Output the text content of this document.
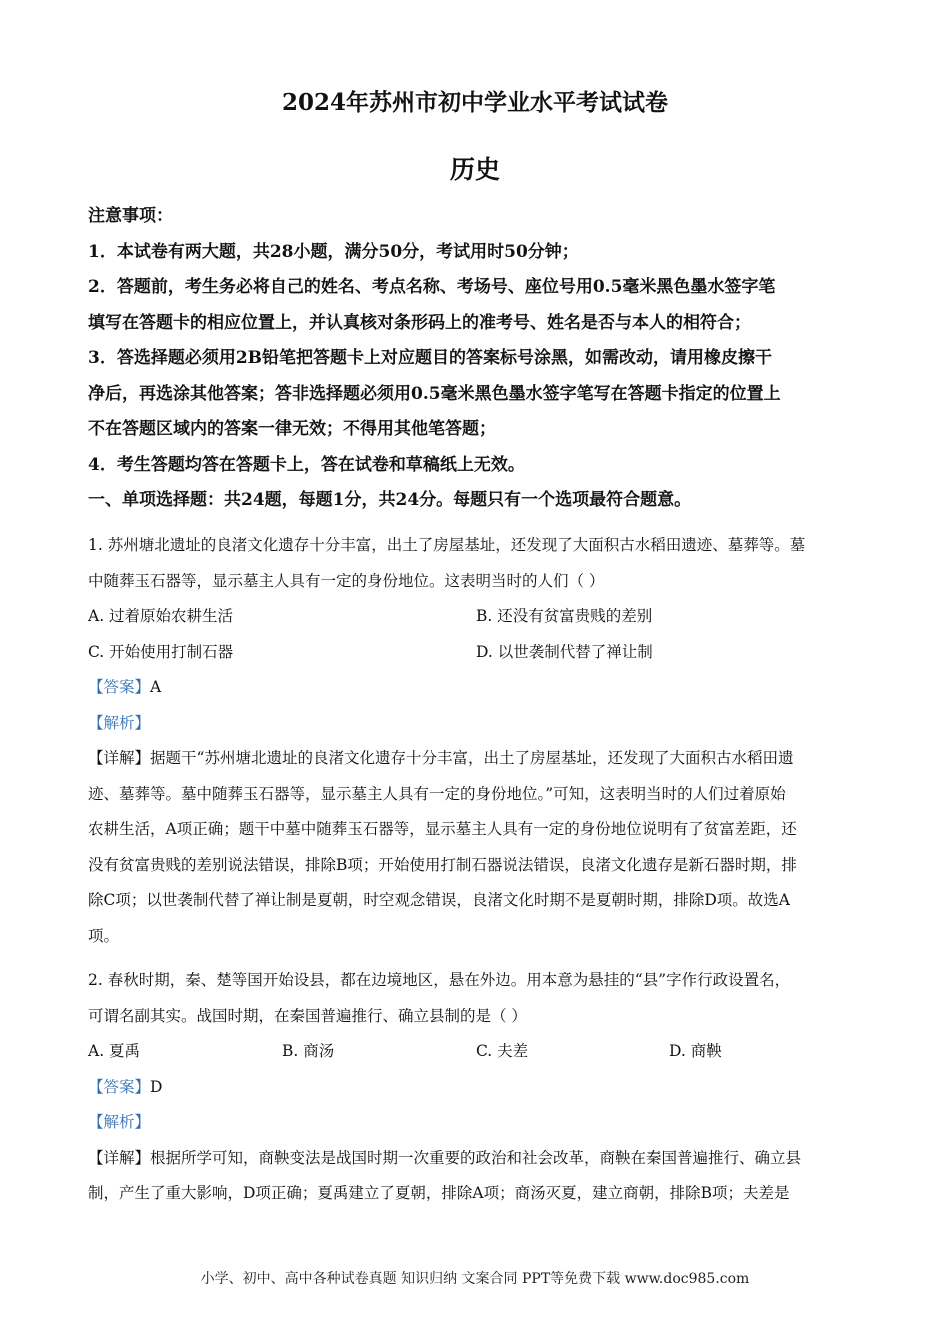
2024年苏州市初中学业水平考试试卷
历史
注意事项：
1．本试卷有两大题，共28小题，满分50分，考试用时50分钟；
2．答题前，考生务必将自己的姓名、考点名称、考场号、座位号用0.5毫米黑色墨水签字笔
填写在答题卡的相应位置上，并认真核对条形码上的准考号、姓名是否与本人的相符合；
3．答选择题必须用2B铅笔把答题卡上对应题目的答案标号涂黑，如需改动，请用橡皮擦干
净后，再选涂其他答案；答非选择题必须用0.5毫米黑色墨水签字笔写在答题卡指定的位置上
不在答题区域内的答案一律无效；不得用其他笔答题；
4．考生答题均答在答题卡上，答在试卷和草稿纸上无效。
一、单项选择题：共24题，每题1分，共24分。每题只有一个选项最符合题意。
1. 苏州塘北遗址的良渚文化遗存十分丰富，出土了房屋基址，还发现了大面积古水稻田遗迹、墓葬等。墓
中随葬玉石器等，显示墓主人具有一定的身份地位。这表明当时的人们（ ）
A. 过着原始农耕生活	B. 还没有贫富贵贱的差别
C. 开始使用打制石器	D. 以世袭制代替了禅让制
【答案】A
【解析】
【详解】据题干“苏州塘北遗址的良渚文化遗存十分丰富，出土了房屋基址，还发现了大面积古水稻田遗
迹、墓葬等。墓中随葬玉石器等，显示墓主人具有一定的身份地位。”可知，这表明当时的人们过着原始
农耕生活，A项正确；题干中墓中随葬玉石器等，显示墓主人具有一定的身份地位说明有了贫富差距，还
没有贫富贵贱的差别说法错误，排除B项；开始使用打制石器说法错误，良渚文化遗存是新石器时期，排
除C项；以世袭制代替了禅让制是夏朝，时空观念错误，良渚文化时期不是夏朝时期，排除D项。故选A
项。
2. 春秋时期，秦、楚等国开始设县，都在边境地区，悬在外边。用本意为悬挂的“县”字作行政设置名，
可谓名副其实。战国时期，在秦国普遍推行、确立县制的是（ ）
A. 夏禹	B. 商汤	C. 夫差	D. 商鞅
【答案】D
【解析】
【详解】根据所学可知，商鞅变法是战国时期一次重要的政治和社会改革，商鞅在秦国普遍推行、确立县
制，产生了重大影响，D项正确；夏禹建立了夏朝，排除A项；商汤灭夏，建立商朝，排除B项；夫差是
小学、初中、高中各种试卷真题 知识归纳 文案合同 PPT等免费下载 www.doc985.com
